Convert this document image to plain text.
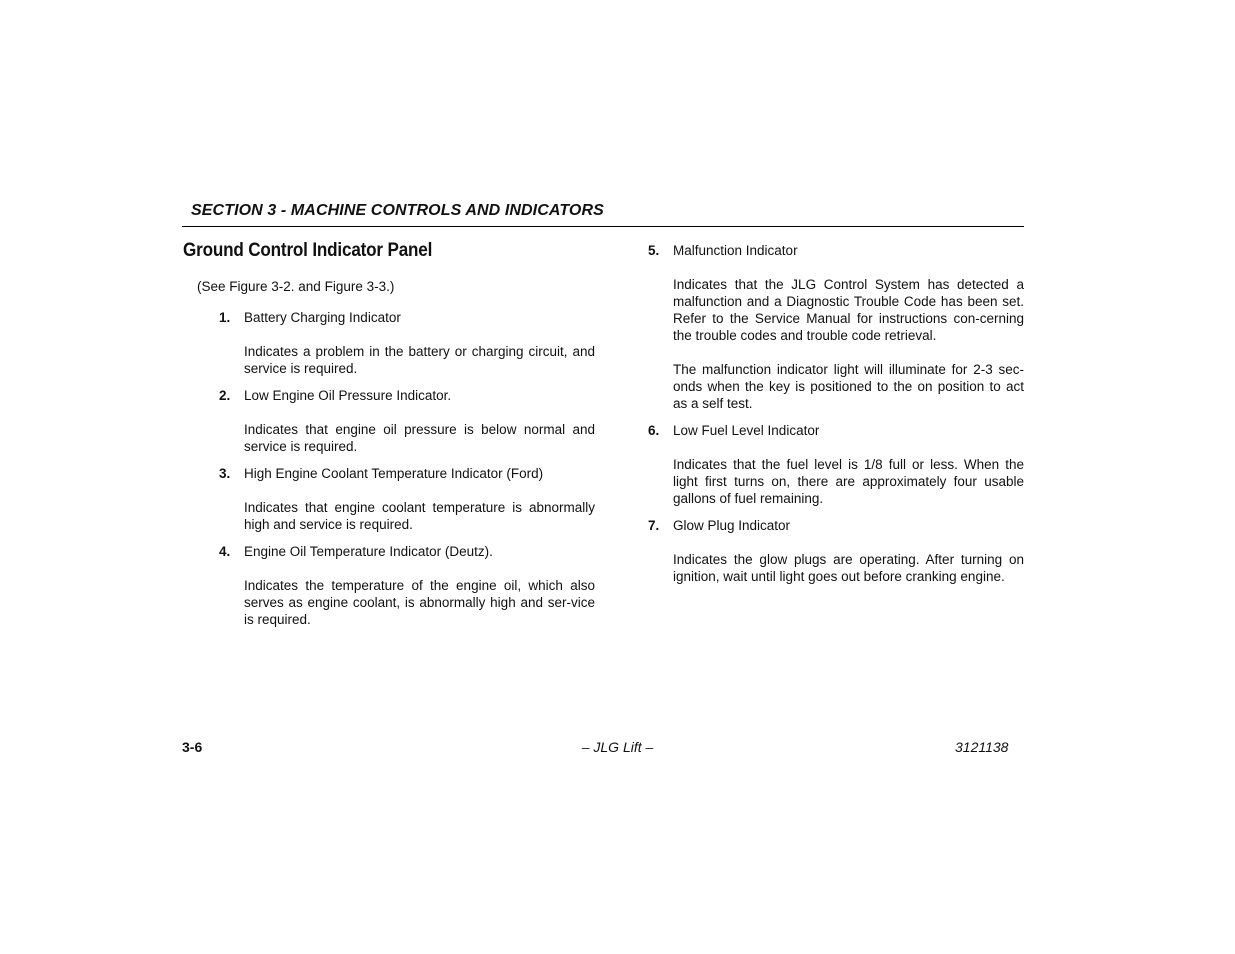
SECTION 3 - MACHINE CONTROLS AND INDICATORS
Ground Control Indicator Panel
(See Figure 3-2. and Figure 3-3.)
1. Battery Charging Indicator
Indicates a problem in the battery or charging circuit, and service is required.
2. Low Engine Oil Pressure Indicator.
Indicates that engine oil pressure is below normal and service is required.
3. High Engine Coolant Temperature Indicator (Ford)
Indicates that engine coolant temperature is abnormally high and service is required.
4. Engine Oil Temperature Indicator (Deutz).
Indicates the temperature of the engine oil, which also serves as engine coolant, is abnormally high and ser-vice is required.
5. Malfunction Indicator
Indicates that the JLG Control System has detected a malfunction and a Diagnostic Trouble Code has been set. Refer to the Service Manual for instructions con-cerning the trouble codes and trouble code retrieval.
The malfunction indicator light will illuminate for 2-3 sec-onds when the key is positioned to the on position to act as a self test.
6. Low Fuel Level Indicator
Indicates that the fuel level is 1/8 full or less. When the light first turns on, there are approximately four usable gallons of fuel remaining.
7. Glow Plug Indicator
Indicates the glow plugs are operating. After turning on ignition, wait until light goes out before cranking engine.
3-6	– JLG Lift –	3121138
